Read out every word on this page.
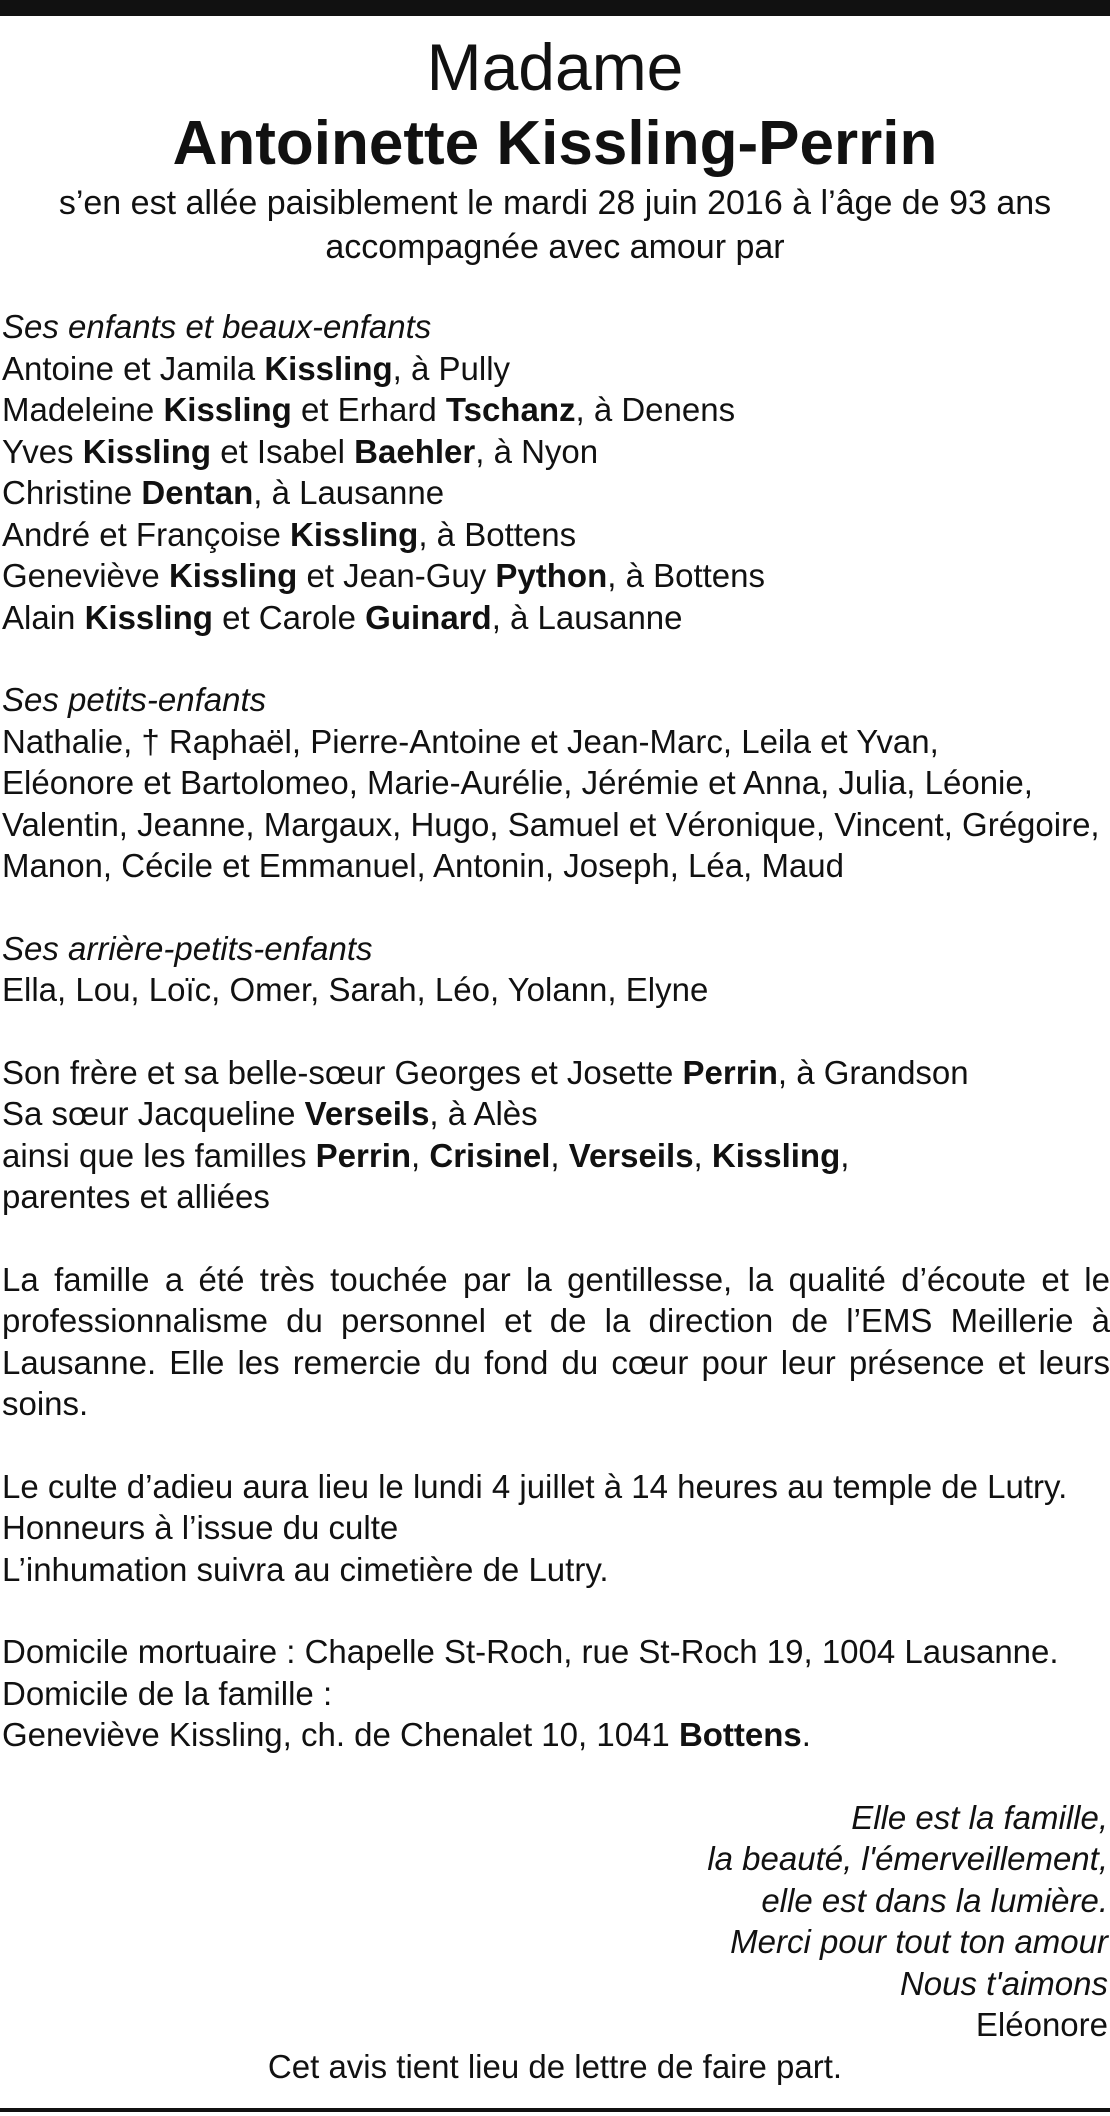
Madame
Antoinette Kissling-Perrin
s’en est allée paisiblement le mardi 28 juin 2016 à l’âge de 93 ans
accompagnée avec amour par
Ses enfants et beaux-enfants
Antoine et Jamila Kissling, à Pully
Madeleine Kissling et Erhard Tschanz, à Denens
Yves Kissling et Isabel Baehler, à Nyon
Christine Dentan, à Lausanne
André et Françoise Kissling, à Bottens
Geneviève Kissling et Jean-Guy Python, à Bottens
Alain Kissling et Carole Guinard, à Lausanne
Ses petits-enfants
Nathalie, † Raphaël, Pierre-Antoine et Jean-Marc, Leila et Yvan,
Eléonore et Bartolomeo, Marie-Aurélie, Jérémie et Anna, Julia, Léonie,
Valentin, Jeanne, Margaux, Hugo, Samuel et Véronique, Vincent, Grégoire,
Manon, Cécile et Emmanuel, Antonin, Joseph, Léa, Maud
Ses arrière-petits-enfants
Ella, Lou, Loïc, Omer, Sarah, Léo, Yolann, Elyne
Son frère et sa belle-sœur Georges et Josette Perrin, à Grandson
Sa sœur Jacqueline Verseils, à Alès
ainsi que les familles Perrin, Crisinel, Verseils, Kissling,
parentes et alliées
La famille a été très touchée par la gentillesse, la qualité d’écoute et le professionnalisme du personnel et de la direction de l’EMS Meillerie à Lausanne. Elle les remercie du fond du cœur pour leur présence et leurs soins.
Le culte d’adieu aura lieu le lundi 4 juillet à 14 heures au temple de Lutry.
Honneurs à l’issue du culte
L’inhumation suivra au cimetière de Lutry.
Domicile mortuaire : Chapelle St-Roch, rue St-Roch 19, 1004 Lausanne.
Domicile de la famille :
Geneviève Kissling, ch. de Chenalet 10, 1041 Bottens.
Elle est la famille,
la beauté, l'émerveillement,
elle est dans la lumière.
Merci pour tout ton amour
Nous t'aimons
Eléonore
Cet avis tient lieu de lettre de faire part.
